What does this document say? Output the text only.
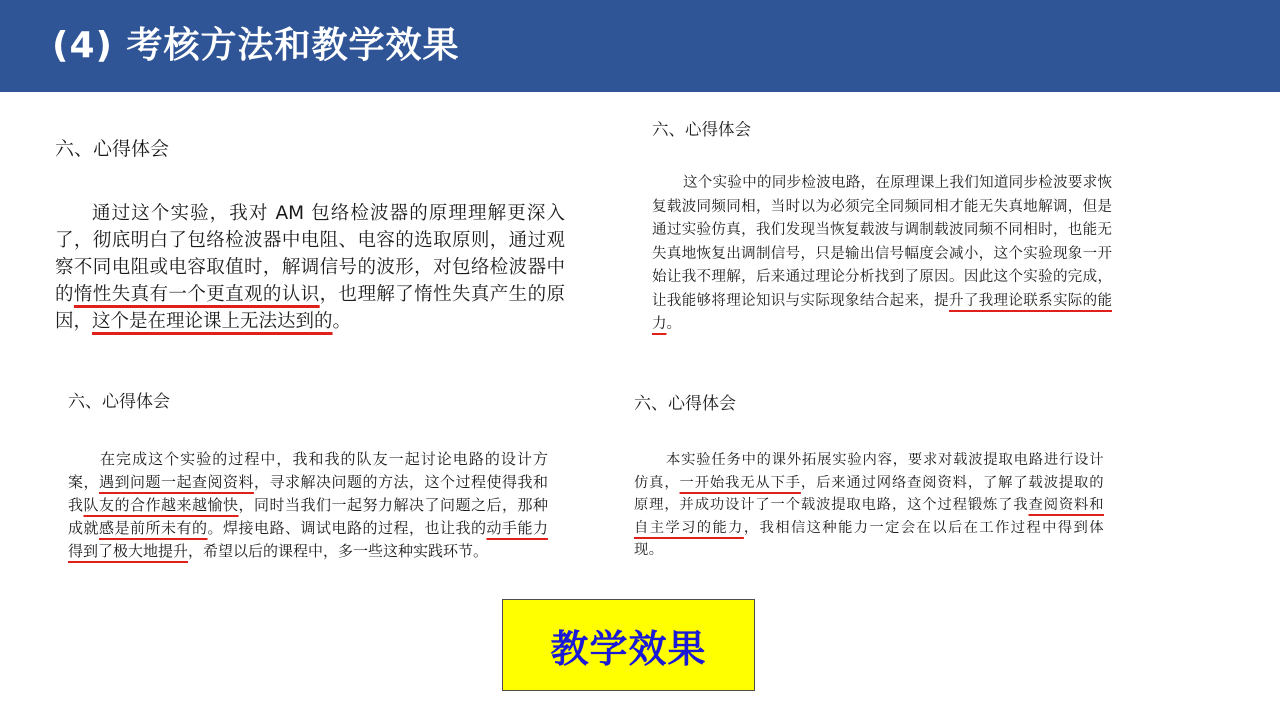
(4) 考核方法和教学效果

六、心得体会

通过这个实验，我对 AM 包络检波器的原理理解更深入了，彻底明白了包络检波器中电阻、电容的选取原则，通过观察不同电阻或电容取值时，解调信号的波形，对包络检波器中的惰性失真有一个更直观的认识，也理解了惰性失真产生的原因，这个是在理论课上无法达到的。

六、心得体会

这个实验中的同步检波电路，在原理课上我们知道同步检波要求恢复载波同频同相，当时以为必须完全同频同相才能无失真地解调，但是通过实验仿真，我们发现当恢复载波与调制载波同频不同相时，也能无失真地恢复出调制信号，只是输出信号幅度会减小，这个实验现象一开始让我不理解，后来通过理论分析找到了原因。因此这个实验的完成，让我能够将理论知识与实际现象结合起来，提升了我理论联系实际的能力。

六、心得体会

在完成这个实验的过程中，我和我的队友一起讨论电路的设计方案，遇到问题一起查阅资料，寻求解决问题的方法，这个过程使得我和我队友的合作越来越愉快，同时当我们一起努力解决了问题之后，那种成就感是前所未有的。焊接电路、调试电路的过程，也让我的动手能力得到了极大地提升，希望以后的课程中，多一些这种实践环节。

六、心得体会

本实验任务中的课外拓展实验内容，要求对载波提取电路进行设计仿真，一开始我无从下手，后来通过网络查阅资料，了解了载波提取的原理，并成功设计了一个载波提取电路，这个过程锻炼了我查阅资料和自主学习的能力，我相信这种能力一定会在以后在工作过程中得到体现。

教学效果
